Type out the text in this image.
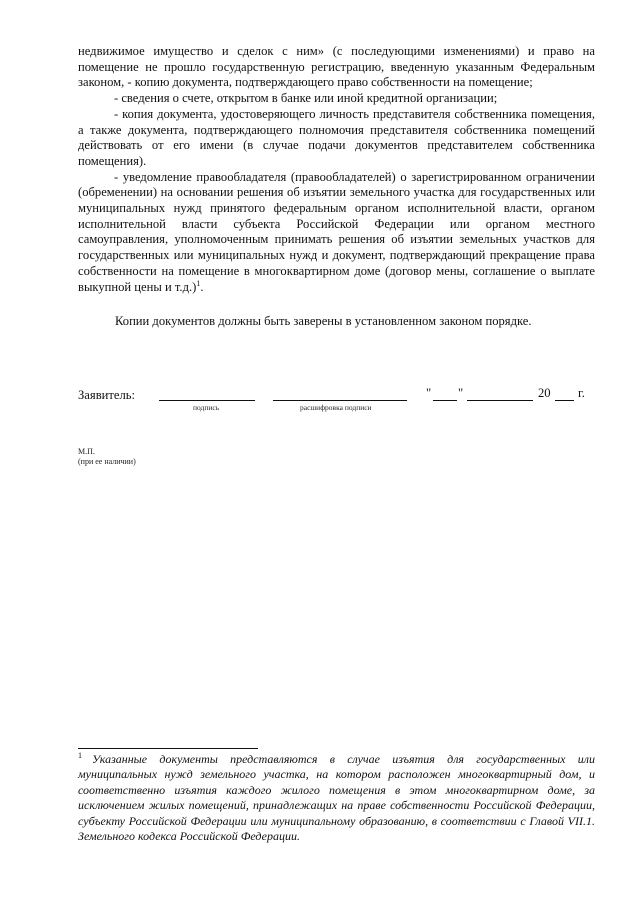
недвижимое имущество и сделок с ним» (с последующими изменениями) и право на помещение не прошло государственную регистрацию, введенную указанным Федеральным законом, - копию документа, подтверждающего право собственности на помещение;

- сведения о счете, открытом в банке или иной кредитной организации;

- копия документа, удостоверяющего личность представителя собственника помещения, а также документа, подтверждающего полномочия представителя собственника помещений действовать от его имени (в случае подачи документов представителем собственника помещения).

- уведомление правообладателя (правообладателей) о зарегистрированном ограничении (обременении) на основании решения об изъятии земельного участка для государственных или муниципальных нужд принятого федеральным органом исполнительной власти, органом исполнительной власти субъекта Российской Федерации или органом местного самоуправления, уполномоченным принимать решения об изъятии земельных участков для государственных или муниципальных нужд и документ, подтверждающий прекращение права собственности на помещение в многоквартирном доме (договор мены, соглашение о выплате выкупной цены и т.д.)$^1$.

Копии документов должны быть заверены в установленном законом порядке.
Заявитель:
подпись	расшифровка подписи
" "	20 г.
М.П.
(при ее наличии)
$^1$ Указанные документы представляются в случае изъятия для государственных или муниципальных нужд земельного участка, на котором расположен многоквартирный дом, и соответственно изъятия каждого жилого помещения в этом многоквартирном доме, за исключением жилых помещений, принадлежащих на праве собственности Российской Федерации, субъекту Российской Федерации или муниципальному образованию, в соответствии с Главой VII.1. Земельного кодекса Российской Федерации.
